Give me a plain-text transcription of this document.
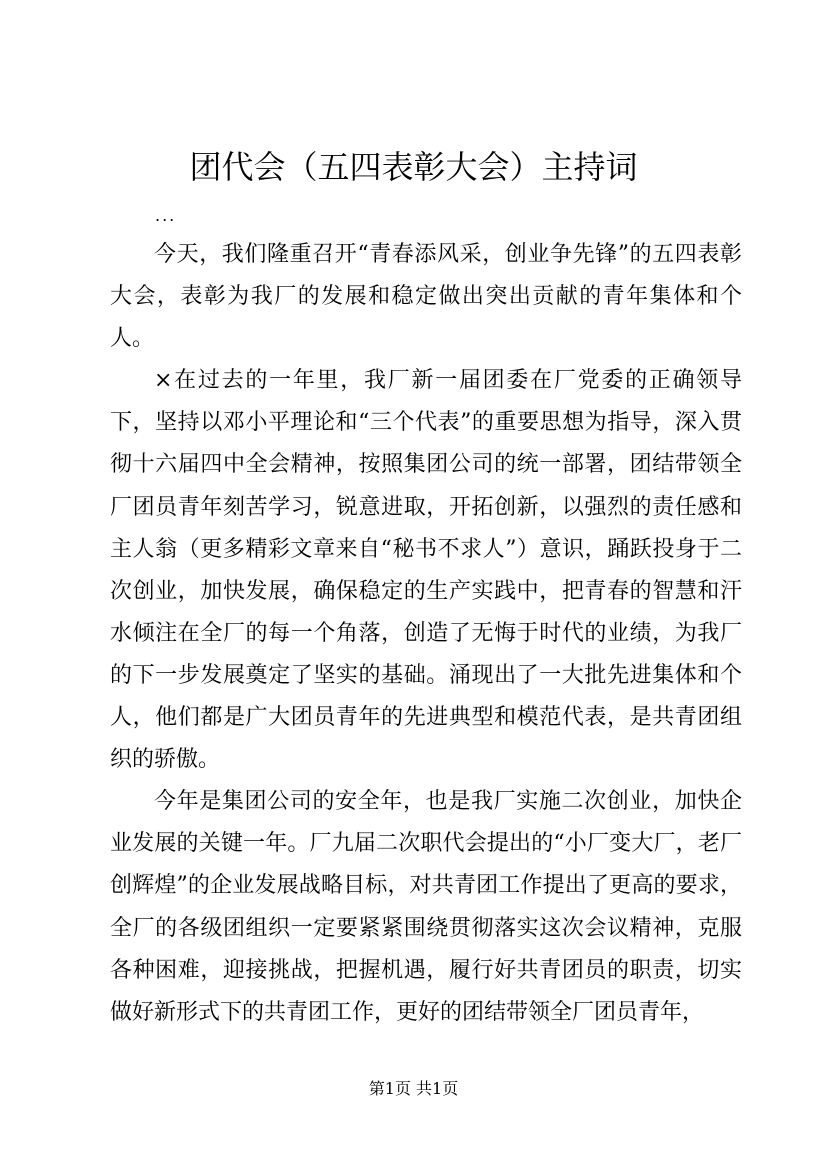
团代会（五四表彰大会）主持词
...

今天，我们隆重召开“青春添风采，创业争先锋”的五四表彰大会，表彰为我厂的发展和稳定做出突出贡献的青年集体和个人。

×在过去的一年里，我厂新一届团委在厂党委的正确领导下，坚持以邓小平理论和“三个代表”的重要思想为指导，深入贯彻十六届四中全会精神，按照集团公司的统一部署，团结带领全厂团员青年刻苦学习，锐意进取，开拓创新，以强烈的责任感和主人翁（更多精彩文章来自“秘书不求人”）意识，踊跃投身于二次创业，加快发展，确保稳定的生产实践中，把青春的智慧和汗水倾注在全厂的每一个角落，创造了无悔于时代的业绩，为我厂的下一步发展奠定了坚实的基础。涌现出了一大批先进集体和个人，他们都是广大团员青年的先进典型和模范代表，是共青团组织的骄傲。

今年是集团公司的安全年，也是我厂实施二次创业，加快企业发展的关键一年。厂九届二次职代会提出的“小厂变大厂，老厂创辉煌”的企业发展战略目标，对共青团工作提出了更高的要求，全厂的各级团组织一定要紧紧围绕贯彻落实这次会议精神，克服各种困难，迎接挑战，把握机遇，履行好共青团员的职责，切实做好新形式下的共青团工作，更好的团结带领全厂团员青年，

第1页 共1页
